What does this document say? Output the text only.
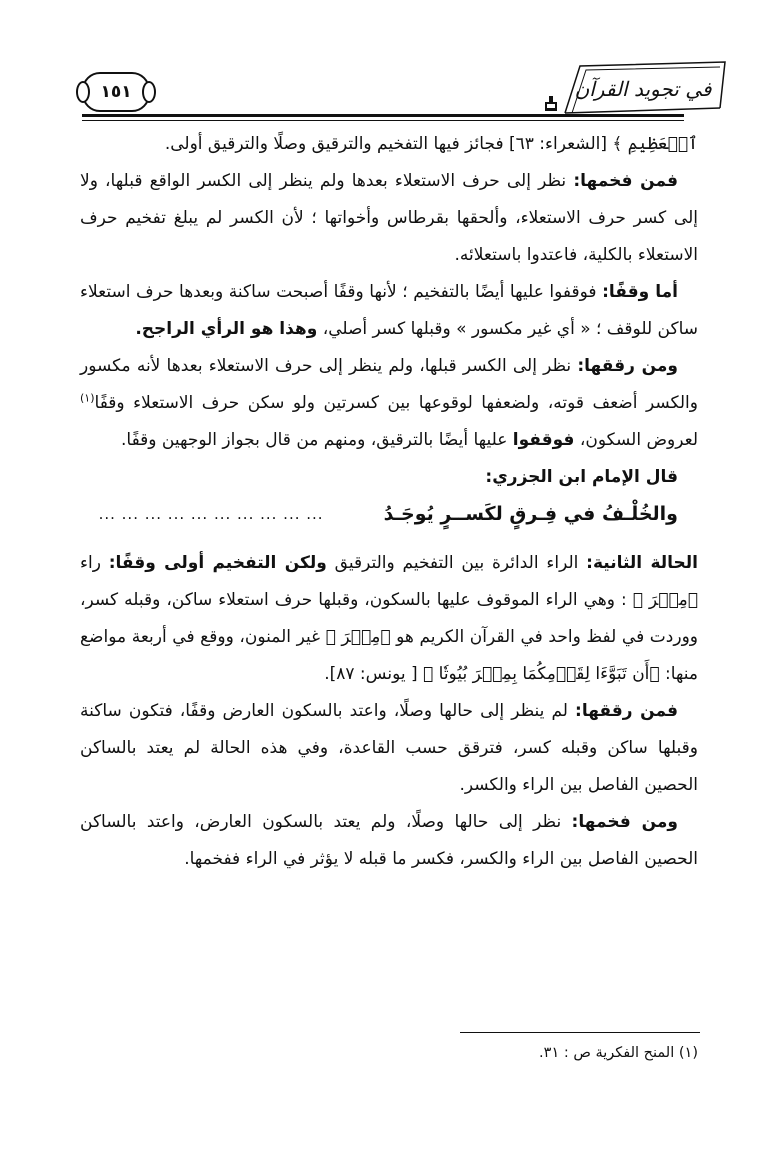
١٥١	في تجويد القرآن

ٱلۡعَظِيمِ ﴾ [الشعراء: ٦٣] فجائز فيها التفخيم والترقيق وصلًا والترقيق أولى.

فمن فخمها: نظر إلى حرف الاستعلاء بعدها ولم ينظر إلى الكسر الواقع قبلها، ولا إلى كسر حرف الاستعلاء، وألحقها بقرطاس وأخواتها ؛ لأن الكسر لم يبلغ تفخيم حرف الاستعلاء بالكلية، فاعتدوا باستعلائه.

أما وقفًا: فوقفوا عليها أيضًا بالتفخيم ؛ لأنها وقفًا أصبحت ساكنة وبعدها حرف استعلاء ساكن للوقف ؛ « أي غير مكسور » وقبلها كسر أصلي، وهذا هو الرأي الراجح.

ومن رققها: نظر إلى الكسر قبلها، ولم ينظر إلى حرف الاستعلاء بعدها لأنه مكسور والكسر أضعف قوته، ولضعفها لوقوعها بين كسرتين ولو سكن حرف الاستعلاء وقفًا$^{(١)}$ لعروض السكون، فوقفوا عليها أيضًا بالترقيق، ومنهم من قال بجواز الوجهين وقفًا.

قال الإمام ابن الجزري:

والخُلْـفُ في فِـرقٍ لكَســرٍ يُوجَـدُ
... ... ... ... ... ... ... ... ... ...

الحالة الثانية: الراء الدائرة بين التفخيم والترقيق ولكن التفخيم أولى وقفًا: راء ﴿مِصۡرَ ﴾ : وهي الراء الموقوف عليها بالسكون، وقبلها حرف استعلاء ساكن، وقبله كسر، ووردت في لفظ واحد في القرآن الكريم هو ﴿مِصۡرَ ﴾ غير المنون، ووقع في أربعة مواضع منها: ﴿أَن تَبَوَّءَا لِقَوۡمِكُمَا بِمِصۡرَ بُيُوتٗا ﴾ [ يونس: ٨٧].

فمن رققها: لم ينظر إلى حالها وصلًا، واعتد بالسكون العارض وقفًا، فتكون ساكنة وقبلها ساكن وقبله كسر، فترقق حسب القاعدة، وفي هذه الحالة لم يعتد بالساكن الحصين الفاصل بين الراء والكسر.

ومن فخمها: نظر إلى حالها وصلًا، ولم يعتد بالسكون العارض، واعتد بالساكن الحصين الفاصل بين الراء والكسر، فكسر ما قبله لا يؤثر في الراء ففخمها.

(١) المنح الفكرية ص : ٣١.
